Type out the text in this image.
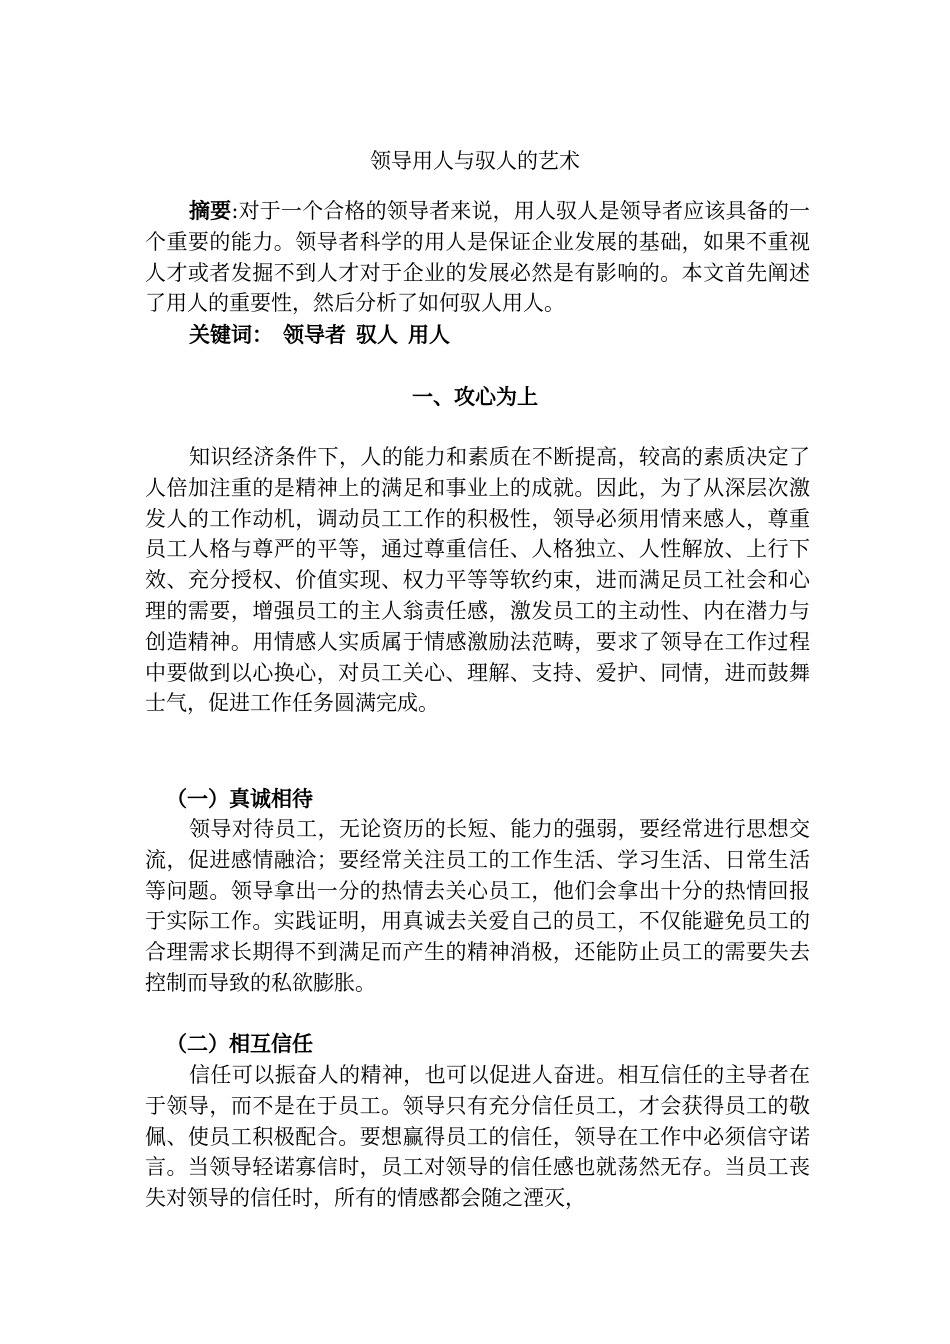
领导用人与驭人的艺术
摘要:对于一个合格的领导者来说，用人驭人是领导者应该具备的一个重要的能力。领导者科学的用人是保证企业发展的基础，如果不重视人才或者发掘不到人才对于企业的发展必然是有影响的。本文首先阐述了用人的重要性，然后分析了如何驭人用人。
关键词： 领导者 驭人 用人
一、攻心为上
知识经济条件下，人的能力和素质在不断提高，较高的素质决定了人倍加注重的是精神上的满足和事业上的成就。因此，为了从深层次激发人的工作动机，调动员工工作的积极性，领导必须用情来感人，尊重员工人格与尊严的平等，通过尊重信任、人格独立、人性解放、上行下效、充分授权、价值实现、权力平等等软约束，进而满足员工社会和心理的需要，增强员工的主人翁责任感，激发员工的主动性、内在潜力与创造精神。用情感人实质属于情感激励法范畴，要求了领导在工作过程中要做到以心换心，对员工关心、理解、支持、爱护、同情，进而鼓舞士气，促进工作任务圆满完成。
（一）真诚相待
领导对待员工，无论资历的长短、能力的强弱，要经常进行思想交流，促进感情融洽；要经常关注员工的工作生活、学习生活、日常生活等问题。领导拿出一分的热情去关心员工，他们会拿出十分的热情回报于实际工作。实践证明，用真诚去关爱自己的员工，不仅能避免员工的合理需求长期得不到满足而产生的精神消极，还能防止员工的需要失去控制而导致的私欲膨胀。
（二）相互信任
信任可以振奋人的精神，也可以促进人奋进。相互信任的主导者在于领导，而不是在于员工。领导只有充分信任员工，才会获得员工的敬佩、使员工积极配合。要想赢得员工的信任，领导在工作中必须信守诺言。当领导轻诺寡信时，员工对领导的信任感也就荡然无存。当员工丧失对领导的信任时，所有的情感都会随之湮灭，
